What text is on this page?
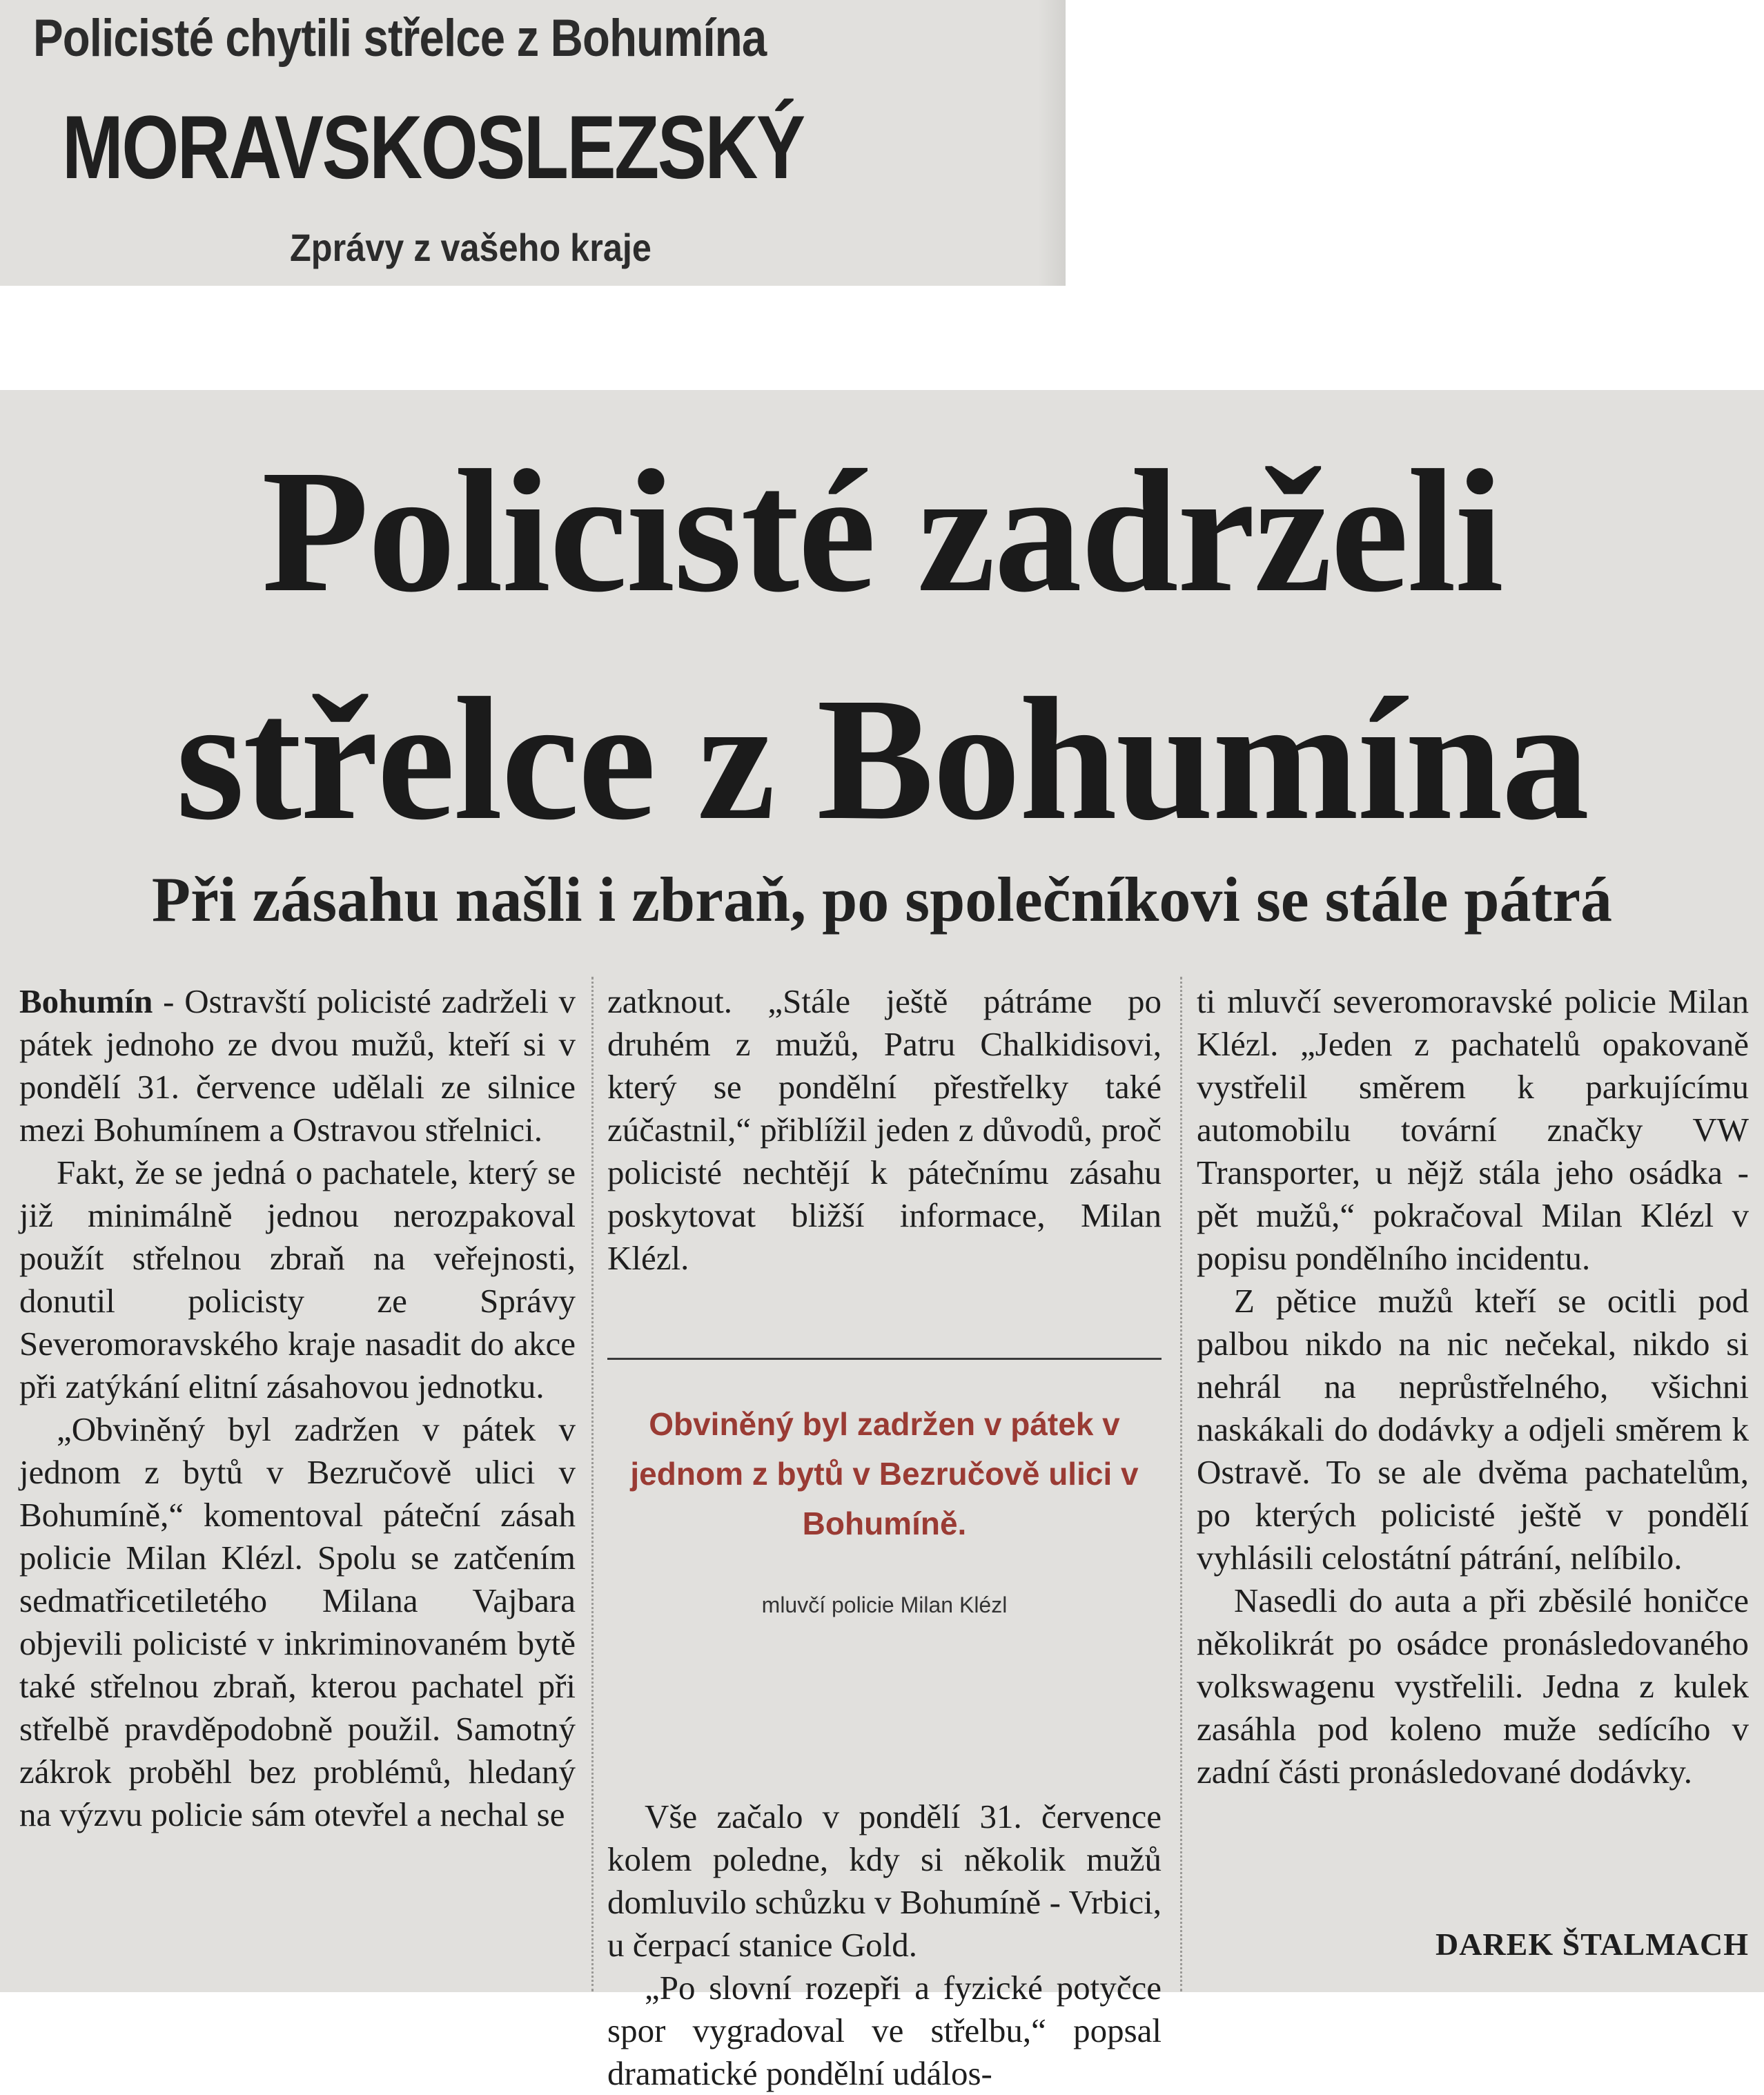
Policisté chytili střelce z Bohumína
MORAVSKOSLEZSKÝ
Zprávy z vašeho kraje
Policisté zadrželi
střelce z Bohumína
Při zásahu našli i zbraň, po společníkovi se stále pátrá

Bohumín - Ostravští policisté zadrželi v pátek jednoho ze dvou mužů, kteří si v pondělí 31. července udělali ze silnice mezi Bohumínem a Ostravou střelnici.

Fakt, že se jedná o pachatele, který se již minimálně jednou nerozpakoval použít střelnou zbraň na veřejnosti, donutil policisty ze Správy Severomoravského kraje nasadit do akce při zatýkání elitní zásahovou jednotku.

„Obviněný byl zadržen v pátek v jednom z bytů v Bezručově ulici v Bohumíně,“ komentoval páteční zásah policie Milan Klézl. Spolu se zatčením sedmatřicetiletého Milana Vajbara objevili policisté v inkriminovaném bytě také střelnou zbraň, kterou pachatel při střelbě pravděpodobně použil. Samotný zákrok proběhl bez problémů, hledaný na výzvu policie sám otevřel a nechal se

zatknout. „Stále ještě pátráme po druhém z mužů, Patru Chalkidisovi, který se pondělní přestřelky také zúčastnil,“ přiblížil jeden z důvodů, proč policisté nechtějí k pátečnímu zásahu poskytovat bližší informace, Milan Klézl.

Obviněný byl zadržen v pátek v jednom z bytů v Bezručově ulici v Bohumíně.
mluvčí policie Milan Klézl

Vše začalo v pondělí 31. července kolem poledne, kdy si několik mužů domluvilo schůzku v Bohumíně - Vrbici, u čerpací stanice Gold.

„Po slovní rozepři a fyzické potyčce spor vygradoval ve střelbu,“ popsal dramatické pondělní událos-

ti mluvčí severomoravské policie Milan Klézl. „Jeden z pachatelů opakovaně vystřelil směrem k parkujícímu automobilu tovární značky VW Transporter, u nějž stála jeho osádka - pět mužů,“ pokračoval Milan Klézl v popisu pondělního incidentu.

Z pětice mužů kteří se ocitli pod palbou nikdo na nic nečekal, nikdo si nehrál na neprůstřelného, všichni naskákali do dodávky a odjeli směrem k Ostravě. To se ale dvěma pachatelům, po kterých policisté ještě v pondělí vyhlásili celostátní pátrání, nelíbilo.

Nasedli do auta a při zběsilé honičce několikrát po osádce pronásledovaného volkswagenu vystřelili. Jedna z kulek zasáhla pod koleno muže sedícího v zadní části pronásledované dodávky.

DAREK ŠTALMACH
